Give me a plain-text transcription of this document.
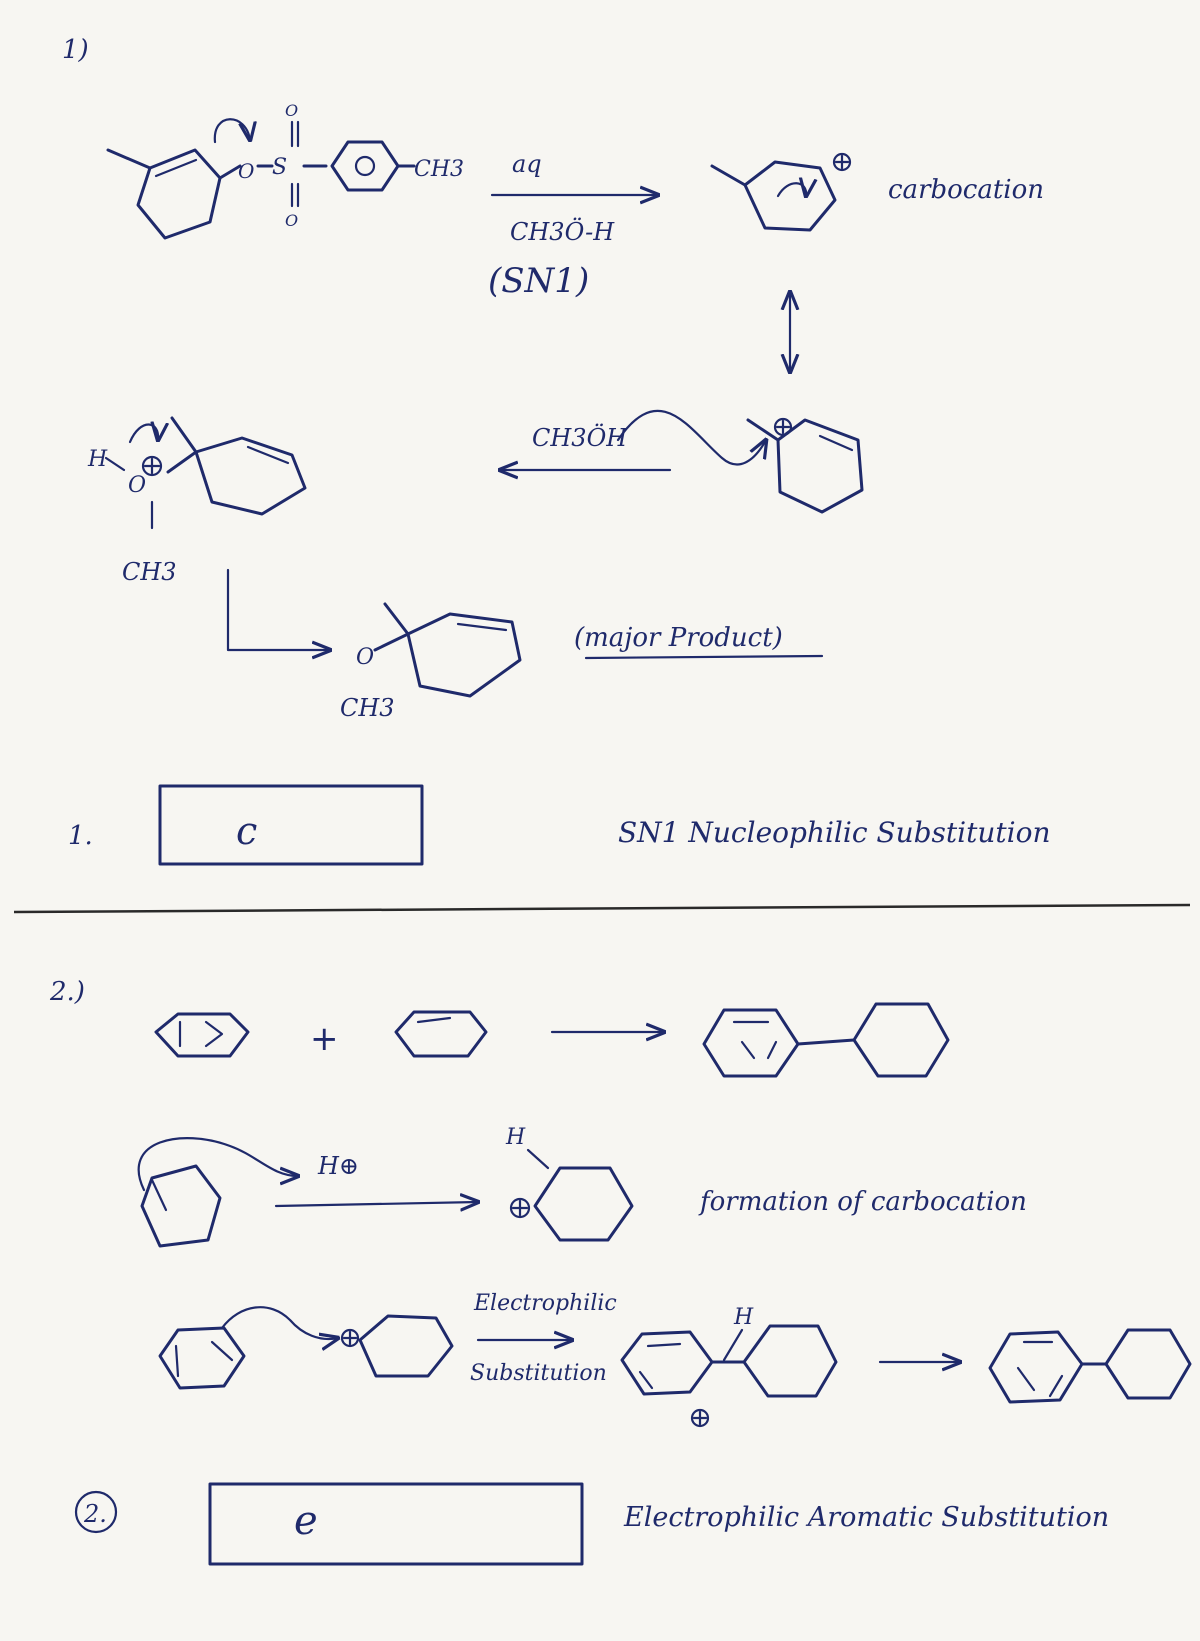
1)
O S
O
O
CH3 aq
CH3Ö-H
(SN1)
carbocation
CH3ÖH
H
O
CH3
O
CH3
(major Product)
1.	c	SN1 Nucleophilic Substitution
2.)
+
H⊕
H
formation of carbocation
Electrophilic
Substitution
H
2.	e	Electrophilic Aromatic Substitution
